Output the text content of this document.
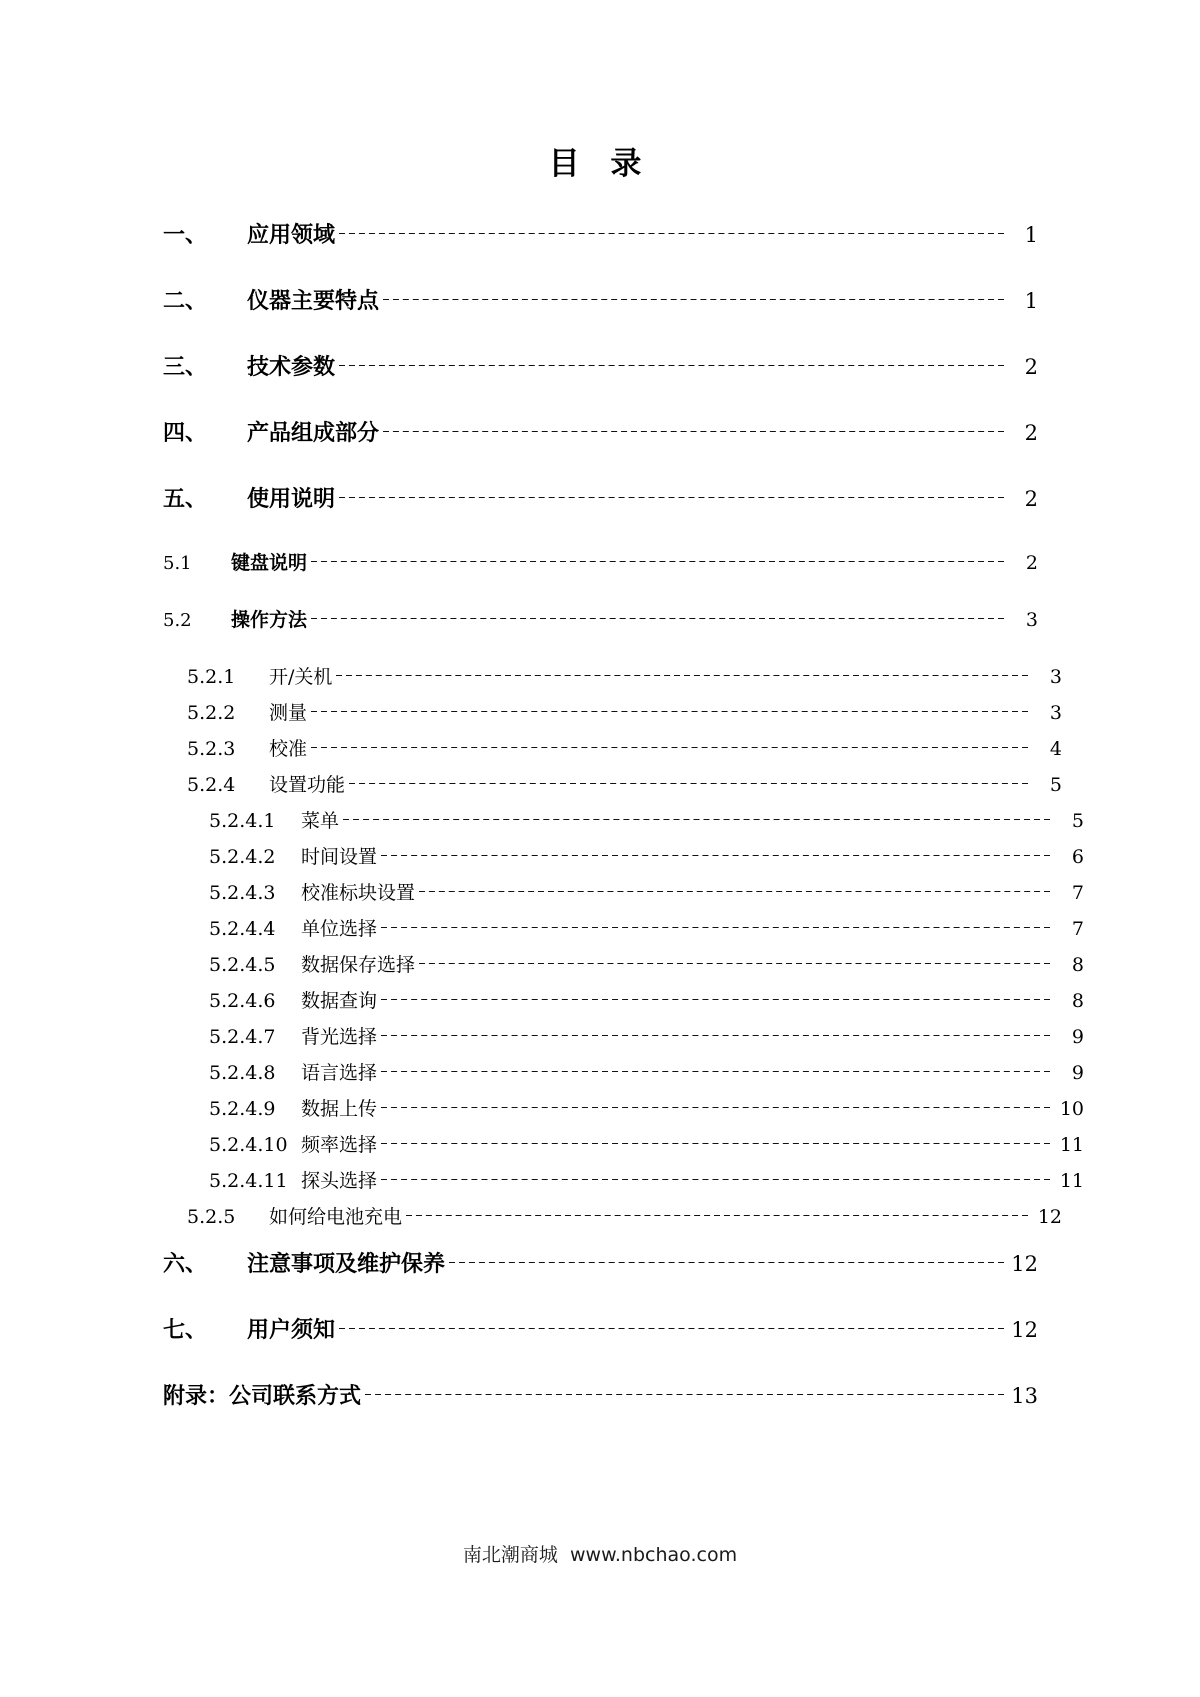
目 录
一、	应用领域	1
二、	仪器主要特点	1
三、	技术参数	2
四、	产品组成部分	2
五、	使用说明	2
5.1	键盘说明	2
5.2	操作方法	3
5.2.1	开/关机	3
5.2.2	测量	3
5.2.3	校准	4
5.2.4	设置功能	5
5.2.4.1	菜单	5
5.2.4.2	时间设置	6
5.2.4.3	校准标块设置	7
5.2.4.4	单位选择	7
5.2.4.5	数据保存选择	8
5.2.4.6	数据查询	8
5.2.4.7	背光选择	9
5.2.4.8	语言选择	9
5.2.4.9	数据上传	10
5.2.4.10 频率选择	11
5.2.4.11 探头选择	11
5.2.5	如何给电池充电	12
六、	注意事项及维护保养	12
七、	用户须知	12
附录：公司联系方式	13
南北潮商城 www.nbchao.com
